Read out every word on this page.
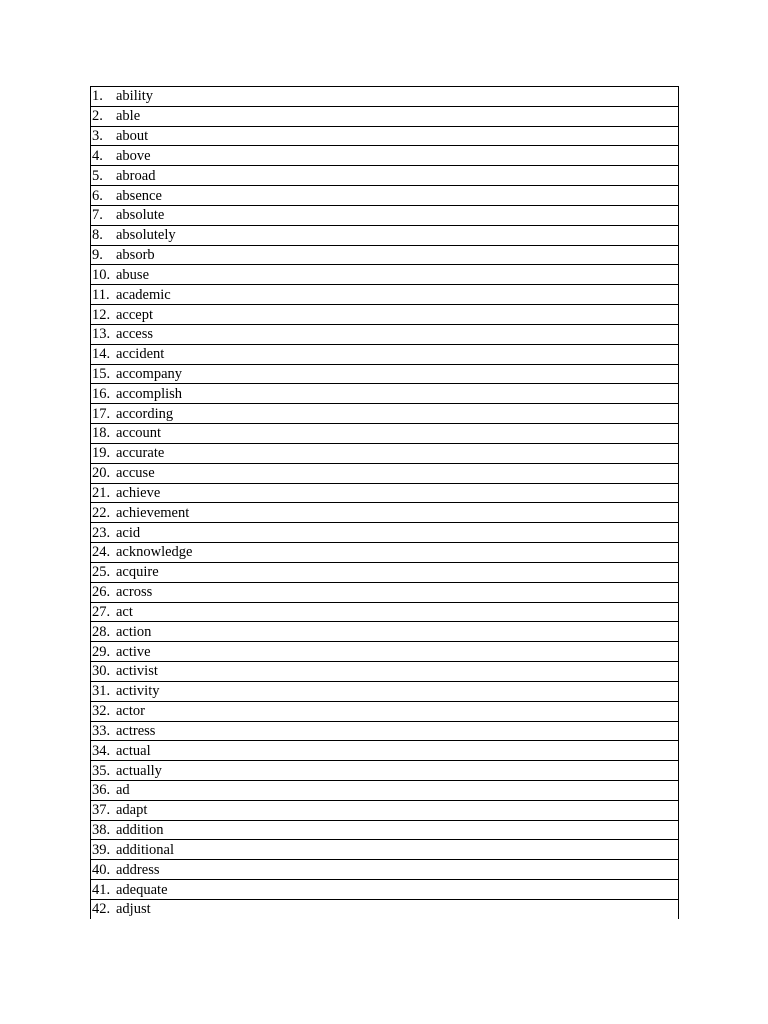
1. ability

2. able

3. about

4. above

5. abroad

6. absence

7. absolute

8. absolutely

9. absorb

10. abuse

11. academic

12. accept

13. access

14. accident

15. accompany

16. accomplish

17. according

18. account

19. accurate

20. accuse

21. achieve

22. achievement

23. acid

24. acknowledge

25. acquire

26. across

27. act

28. action

29. active

30. activist

31. activity

32. actor

33. actress

34. actual

35. actually

36. ad

37. adapt

38. addition

39. additional

40. address

41. adequate

42. adjust
